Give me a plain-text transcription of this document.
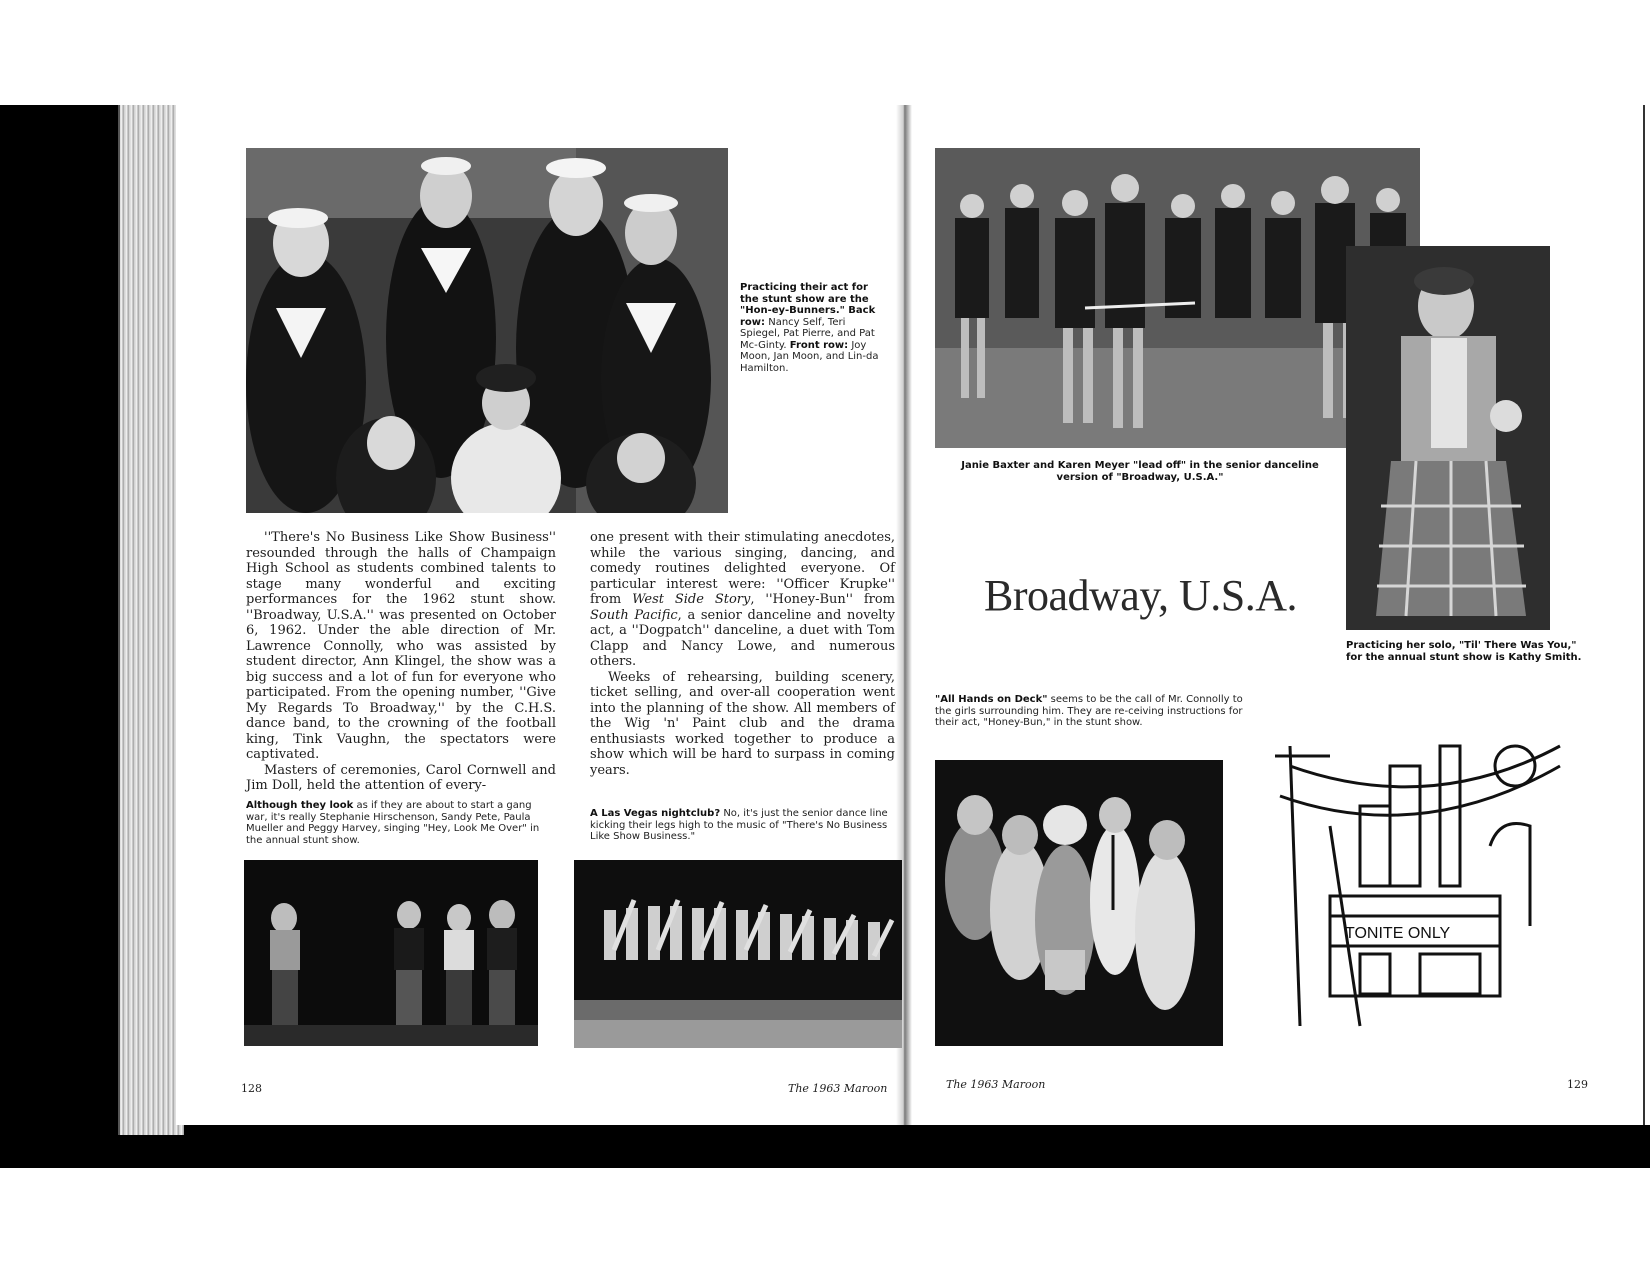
Practicing their act for the stunt show are the "Hon-ey-Bunners." Back row: Nancy Self, Teri Spiegel, Pat Pierre, and Pat Mc-Ginty. Front row: Joy Moon, Jan Moon, and Lin-da Hamilton.

''There's No Business Like Show Business'' resounded through the halls of Champaign High School as students combined talents to stage many wonderful and exciting performances for the 1962 stunt show. ''Broadway, U.S.A.'' was presented on October 6, 1962. Under the able direction of Mr. Lawrence Connolly, who was assisted by student director, Ann Klingel, the show was a big success and a lot of fun for everyone who participated. From the opening number, ''Give My Regards To Broadway,'' by the C.H.S. dance band, to the crowning of the football king, Tink Vaughn, the spectators were captivated.

Masters of ceremonies, Carol Cornwell and Jim Doll, held the attention of every-

one present with their stimulating anecdotes, while the various singing, dancing, and comedy routines delighted everyone. Of particular interest were: ''Officer Krupke'' from West Side Story, ''Honey-Bun'' from South Pacific, a senior danceline and novelty act, a ''Dogpatch'' danceline, a duet with Tom Clapp and Nancy Lowe, and numerous others.

Weeks of rehearsing, building scenery, ticket selling, and over-all cooperation went into the planning of the show. All members of the Wig 'n' Paint club and the drama enthusiasts worked together to produce a show which will be hard to surpass in coming years.

Although they look as if they are about to start a gang war, it's really Stephanie Hirschenson, Sandy Pete, Paula Mueller and Peggy Harvey, singing "Hey, Look Me Over" in the annual stunt show.
A Las Vegas nightclub? No, it's just the senior dance line kicking their legs high to the music of "There's No Business Like Show Business."
Janie Baxter and Karen Meyer "lead off" in the senior danceline version of "Broadway, U.S.A."
Broadway, U.S.A.
Practicing her solo, "Til' There Was You," for the annual stunt show is Kathy Smith.
"All Hands on Deck" seems to be the call of Mr. Connolly to the girls surrounding him. They are re-ceiving instructions for their act, "Honey-Bun," in the stunt show.
TONITE ONLY
128	The 1963 Maroon	The 1963 Maroon	129
